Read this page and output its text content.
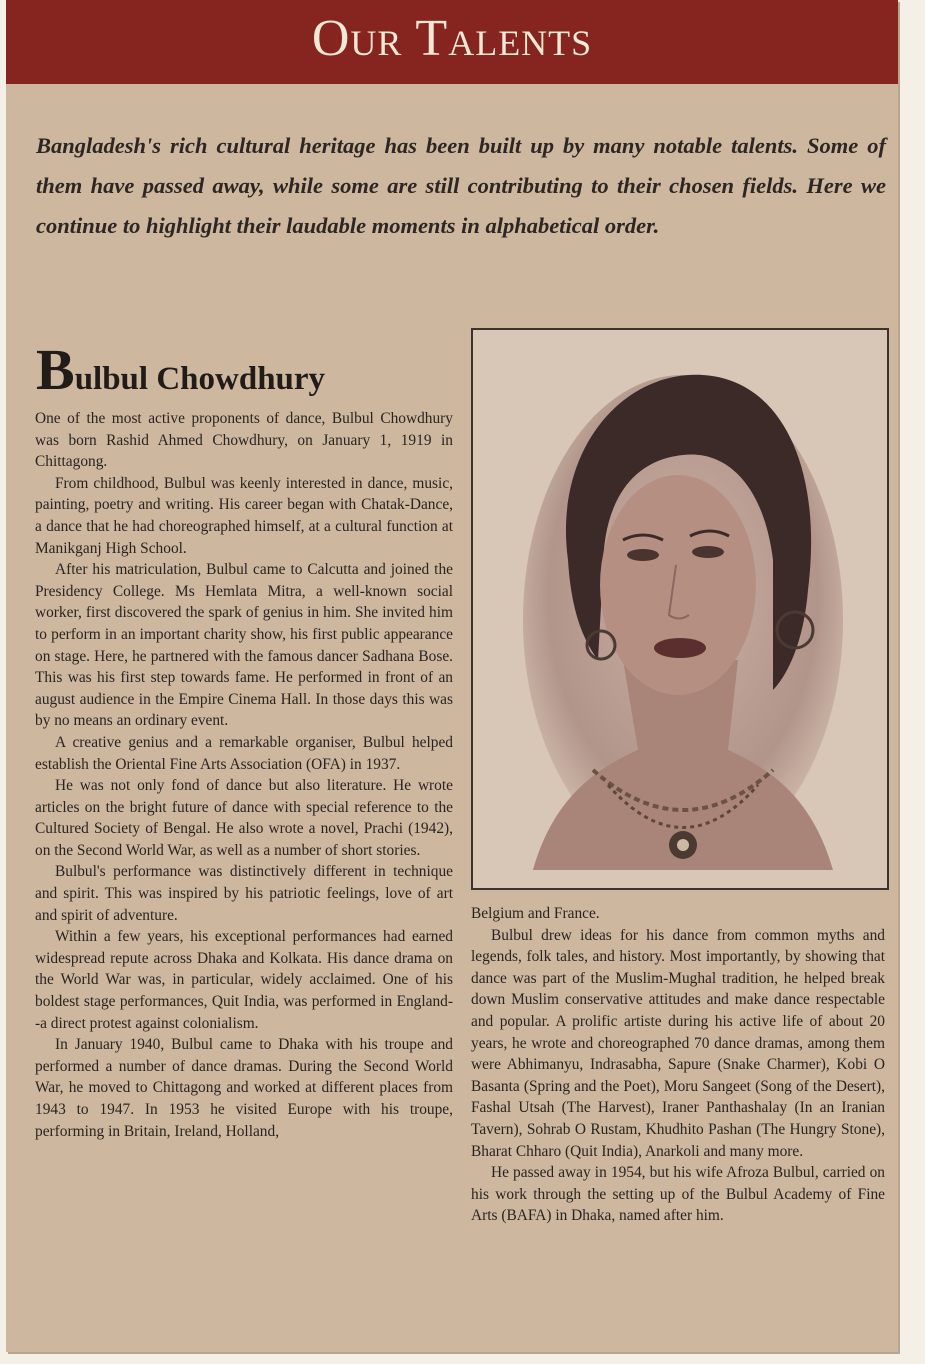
Our Talents
Bangladesh's rich cultural heritage has been built up by many notable talents. Some of them have passed away, while some are still contributing to their chosen fields. Here we continue to highlight their laudable moments in alphabetical order.
Bulbul Chowdhury

One of the most active proponents of dance, Bulbul Chowdhury was born Rashid Ahmed Chowdhury, on January 1, 1919 in Chittagong.

From childhood, Bulbul was keenly interested in dance, music, painting, poetry and writing. His career began with Chatak-Dance, a dance that he had choreographed himself, at a cultural function at Manikganj High School.

After his matriculation, Bulbul came to Calcutta and joined the Presidency College. Ms Hemlata Mitra, a well-known social worker, first discovered the spark of genius in him. She invited him to perform in an important charity show, his first public appearance on stage. Here, he partnered with the famous dancer Sadhana Bose. This was his first step towards fame. He performed in front of an august audience in the Empire Cinema Hall. In those days this was by no means an ordinary event.

A creative genius and a remarkable organiser, Bulbul helped establish the Oriental Fine Arts Association (OFA) in 1937.

He was not only fond of dance but also literature. He wrote articles on the bright future of dance with special reference to the Cultured Society of Bengal. He also wrote a novel, Prachi (1942), on the Second World War, as well as a number of short stories.

Bulbul's performance was distinctively different in technique and spirit. This was inspired by his patriotic feelings, love of art and spirit of adventure.

Within a few years, his exceptional performances had earned widespread repute across Dhaka and Kolkata. His dance drama on the World War was, in particular, widely acclaimed. One of his boldest stage performances, Quit India, was performed in England--a direct protest against colonialism.

In January 1940, Bulbul came to Dhaka with his troupe and performed a number of dance dramas. During the Second World War, he moved to Chittagong and worked at different places from 1943 to 1947. In 1953 he visited Europe with his troupe, performing in Britain, Ireland, Holland,

Belgium and France.

Bulbul drew ideas for his dance from common myths and legends, folk tales, and history. Most importantly, by showing that dance was part of the Muslim-Mughal tradition, he helped break down Muslim conservative attitudes and make dance respectable and popular. A prolific artiste during his active life of about 20 years, he wrote and choreographed 70 dance dramas, among them were Abhimanyu, Indrasabha, Sapure (Snake Charmer), Kobi O Basanta (Spring and the Poet), Moru Sangeet (Song of the Desert), Fashal Utsah (The Harvest), Iraner Panthashalay (In an Iranian Tavern), Sohrab O Rustam, Khudhito Pashan (The Hungry Stone), Bharat Chharo (Quit India), Anarkoli and many more.

He passed away in 1954, but his wife Afroza Bulbul, carried on his work through the setting up of the Bulbul Academy of Fine Arts (BAFA) in Dhaka, named after him.
